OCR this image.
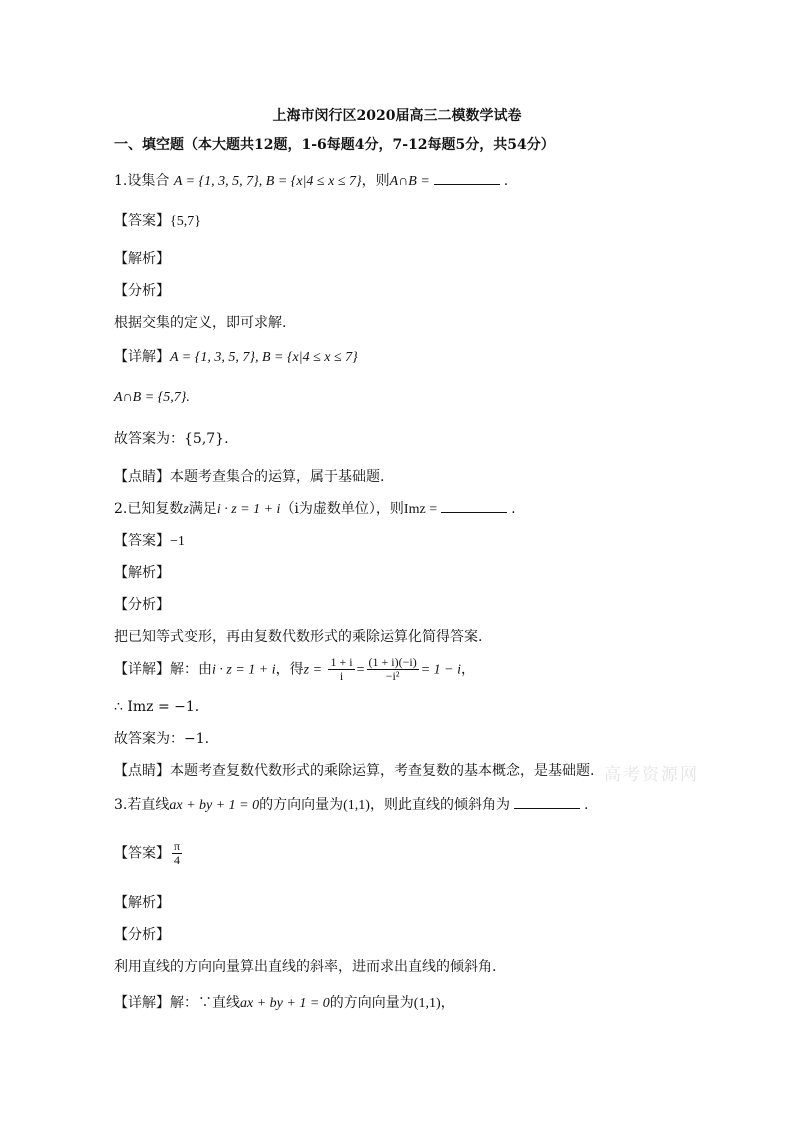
上海市闵行区2020届高三二模数学试卷
一、填空题（本大题共12题，1-6每题4分，7-12每题5分，共54分）
1.设集合 A = {1, 3, 5, 7}, B = {x|4 ≤ x ≤ 7}，则A∩B =	.
【答案】{5,7}
【解析】
【分析】
根据交集的定义，即可求解.
【详解】A = {1, 3, 5, 7}, B = {x|4 ≤ x ≤ 7}
A∩B = {5,7}.
故答案为：{5,7}.
【点睛】本题考查集合的运算，属于基础题.
2.已知复数z满足i · z = 1 + i（i为虚数单位），则Imz =	.
【答案】−1
【解析】
【分析】
把已知等式变形，再由复数代数形式的乘除运算化简得答案.
【详解】解：由i · z = 1 + i，得$z = \frac{1 + i}{i} = \frac{(1 + i)(-i)}{\text{−i²}} = 1 - i$，
∴ Imz = −1.
故答案为：−1.
【点睛】本题考查复数代数形式的乘除运算，考查复数的基本概念，是基础题.
3.若直线ax + by + 1 = 0的方向向量为(1,1)，则此直线的倾斜角为	.
【答案】 $\frac{\pi}{4}$
【解析】
【分析】
利用直线的方向向量算出直线的斜率，进而求出直线的倾斜角.
【详解】解：∵直线ax + by + 1 = 0的方向向量为(1,1)，
高考资源网
